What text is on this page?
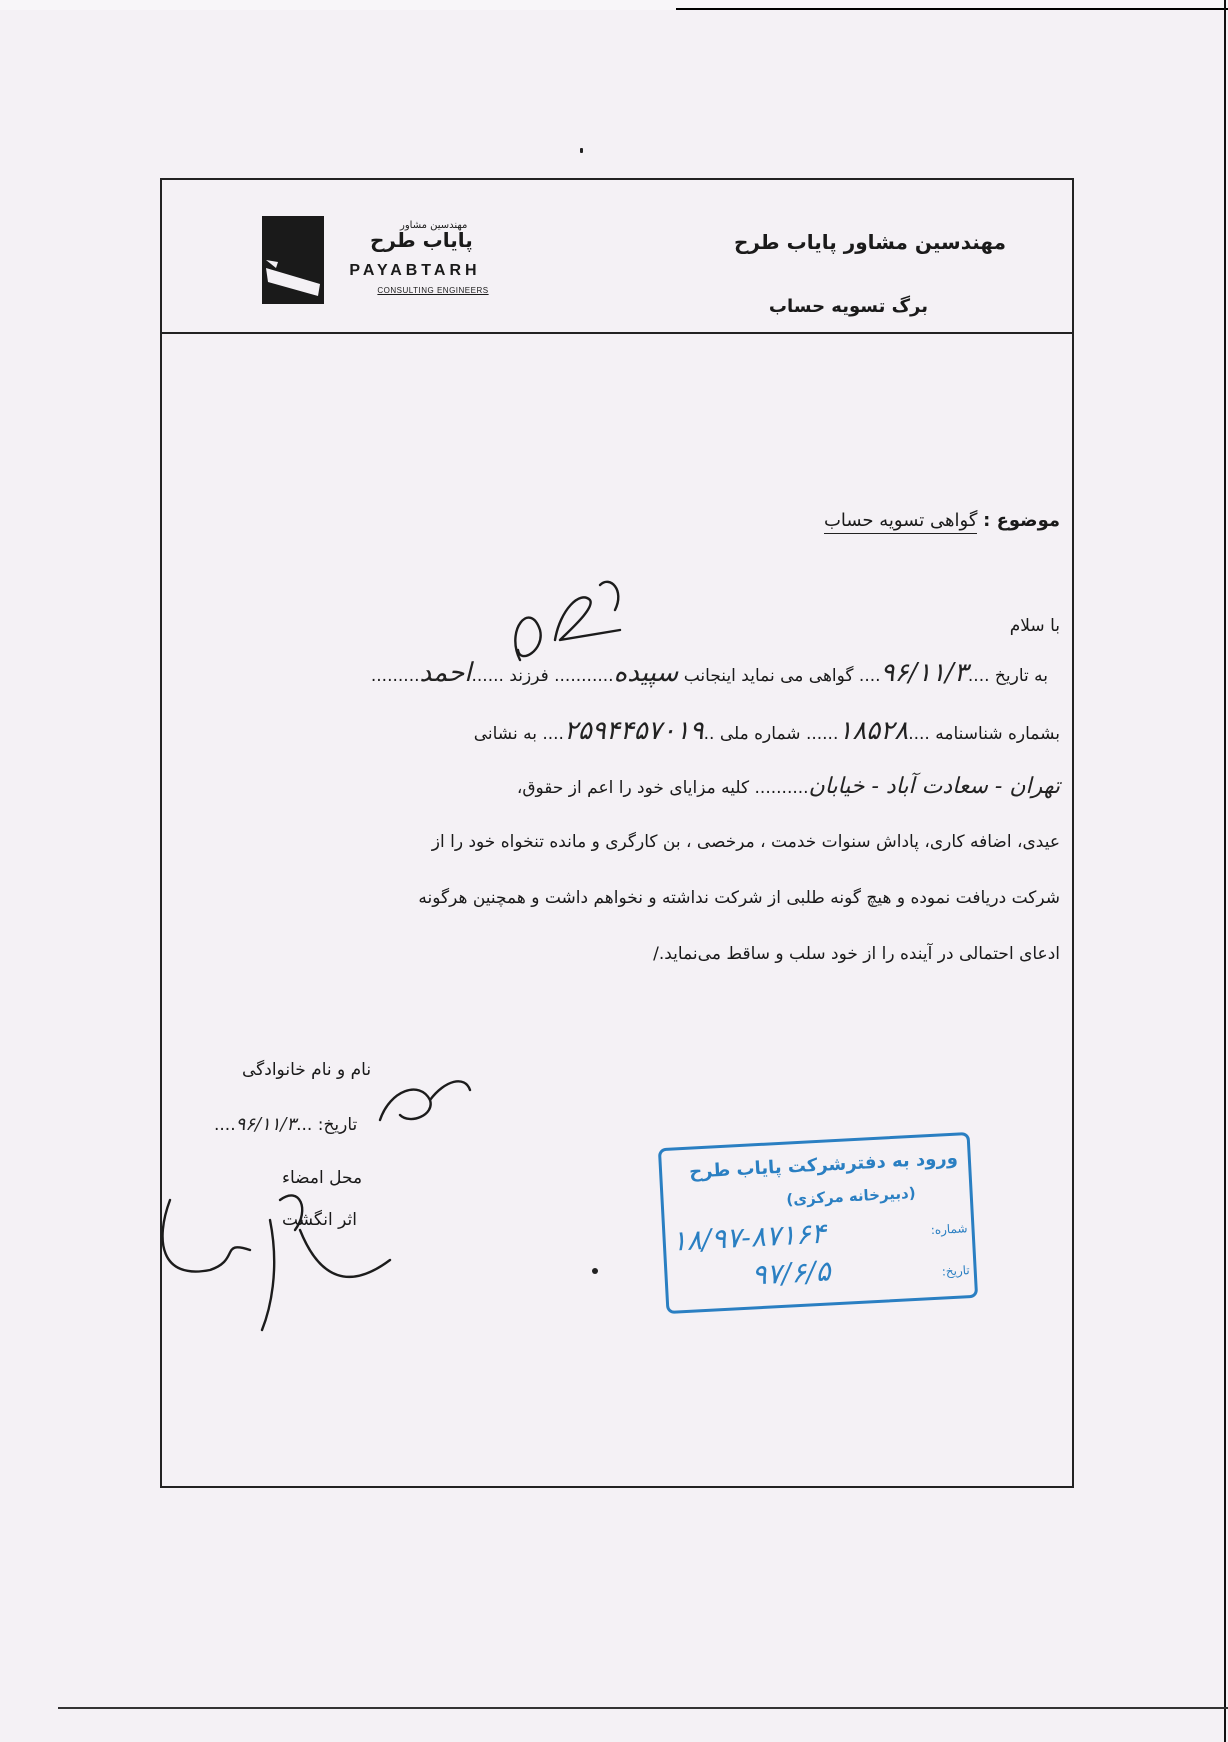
مهندسین مشاور
پایاب طرح
PAYABTARH
CONSULTING ENGINEERS
مهندسین مشاور پایاب طرح
برگ تسویه حساب
موضوع : گواهی تسویه حساب
با سلام
به تاریخ ....۹۶/۱۱/۳.... گواهی می نماید اینجانب سپیده........... فرزند ......احمد.........
بشماره شناسنامه ....۱۸۵۲۸...... شماره ملی ..۲۵۹۴۴۵۷۰۱۹.... به نشانی
تهران - سعادت آباد - خیابان.......... کلیه مزایای خود را اعم از حقوق،
عیدی، اضافه کاری، پاداش سنوات خدمت ، مرخصی ، بن کارگری و مانده تنخواه خود را از
شرکت دریافت نموده و هیچ گونه طلبی از شرکت نداشته و نخواهم داشت و همچنین هرگونه
ادعای احتمالی در آینده را از خود سلب و ساقط می‌نماید./
نام و نام خانوادگی
تاریخ: ...۹۶/۱۱/۳....
محل امضاء
اثر انگشت
ورود به دفترشرکت پایاب طرح
(دبیرخانه مرکزی)
شماره:
۱۸/۹۷-۸۷۱۶۴
تاریخ:
۹۷/۶/۵
